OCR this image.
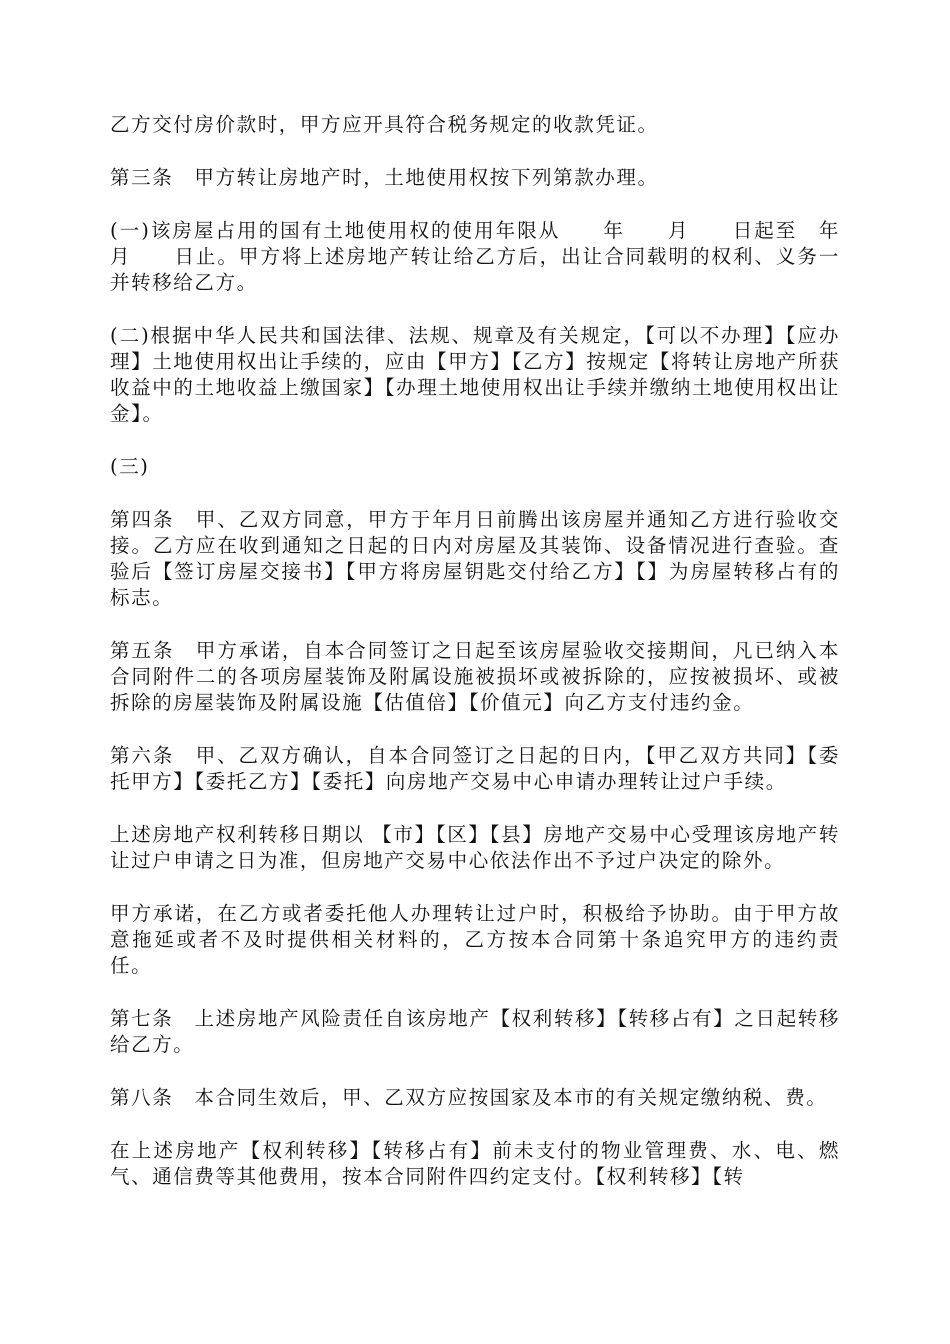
乙方交付房价款时，甲方应开具符合税务规定的收款凭证。

第三条　甲方转让房地产时，土地使用权按下列第款办理。

(一)该房屋占用的国有土地使用权的使用年限从　　年　　月　　日起至　年　　月　　日止。甲方将上述房地产转让给乙方后，出让合同载明的权利、义务一并转移给乙方。

(二)根据中华人民共和国法律、法规、规章及有关规定，【可以不办理】【应办理】土地使用权出让手续的，应由【甲方】【乙方】按规定【将转让房地产所获收益中的土地收益上缴国家】【办理土地使用权出让手续并缴纳土地使用权出让金】。

(三)

第四条　甲、乙双方同意，甲方于年月日前腾出该房屋并通知乙方进行验收交接。乙方应在收到通知之日起的日内对房屋及其装饰、设备情况进行查验。查验后【签订房屋交接书】【甲方将房屋钥匙交付给乙方】【】为房屋转移占有的标志。

第五条　甲方承诺，自本合同签订之日起至该房屋验收交接期间，凡已纳入本合同附件二的各项房屋装饰及附属设施被损坏或被拆除的，应按被损坏、或被拆除的房屋装饰及附属设施【估值倍】【价值元】向乙方支付违约金。

第六条　甲、乙双方确认，自本合同签订之日起的日内，【甲乙双方共同】【委托甲方】【委托乙方】【委托】向房地产交易中心申请办理转让过户手续。

上述房地产权利转移日期以 【市】【区】【县】房地产交易中心受理该房地产转让过户申请之日为准，但房地产交易中心依法作出不予过户决定的除外。

甲方承诺，在乙方或者委托他人办理转让过户时，积极给予协助。由于甲方故意拖延或者不及时提供相关材料的，乙方按本合同第十条追究甲方的违约责任。

第七条　上述房地产风险责任自该房地产【权利转移】【转移占有】之日起转移给乙方。

第八条　本合同生效后，甲、乙双方应按国家及本市的有关规定缴纳税、费。

在上述房地产【权利转移】【转移占有】前未支付的物业管理费、水、电、燃气、通信费等其他费用，按本合同附件四约定支付。【权利转移】【转
